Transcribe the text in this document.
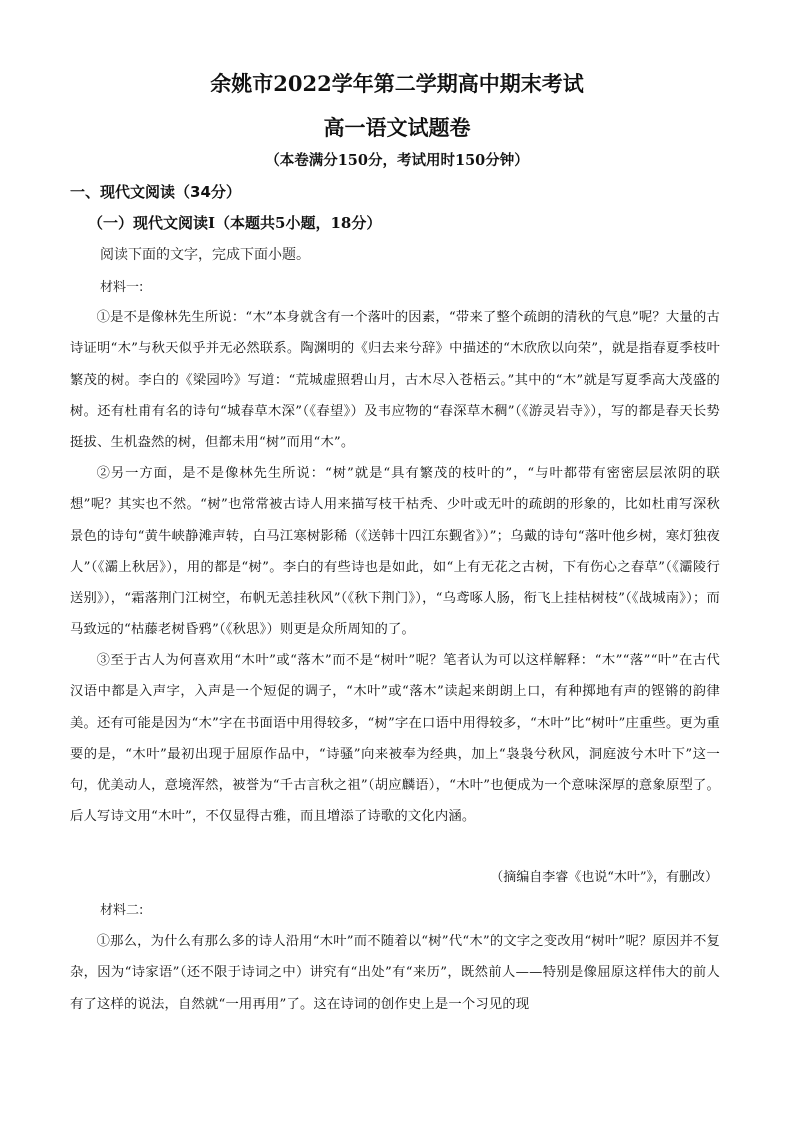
余姚市2022学年第二学期高中期末考试
高一语文试题卷
（本卷满分150分，考试用时150分钟）
一、现代文阅读（34分）
（一）现代文阅读Ⅰ（本题共5小题，18分）
阅读下面的文字，完成下面小题。
材料一:

①是不是像林先生所说：“木”本身就含有一个落叶的因素，“带来了整个疏朗的清秋的气息”呢？大量的古诗证明“木”与秋天似乎并无必然联系。陶渊明的《归去来兮辞》中描述的“木欣欣以向荣”，就是指春夏季枝叶繁茂的树。李白的《梁园吟》写道：“荒城虚照碧山月，古木尽入苍梧云。”其中的“木”就是写夏季高大茂盛的树。还有杜甫有名的诗句“城春草木深”（《春望》）及韦应物的“春深草木稠”（《游灵岩寺》），写的都是春天长势挺拔、生机盎然的树，但都未用“树”而用“木”。

②另一方面，是不是像林先生所说：“树”就是“具有繁茂的枝叶的”，“与叶都带有密密层层浓阴的联想”呢？其实也不然。“树”也常常被古诗人用来描写枝干枯秃、少叶或无叶的疏朗的形象的，比如杜甫写深秋景色的诗句“黄牛峡静滩声转，白马江寒树影稀（《送韩十四江东觐省》）”；乌戴的诗句“落叶他乡树，寒灯独夜人”（《灞上秋居》），用的都是“树”。李白的有些诗也是如此，如“上有无花之古树，下有伤心之春草”（《灞陵行送别》），“霜落荆门江树空，布帆无恙挂秋风”（《秋下荆门》），“乌鸢啄人肠，衔飞上挂枯树枝”（《战城南》）；而马致远的“枯藤老树昏鸦”（《秋思》）则更是众所周知的了。

③至于古人为何喜欢用“木叶”或“落木”而不是“树叶”呢？笔者认为可以这样解释：“木”“落”“叶”在古代汉语中都是入声字，入声是一个短促的调子，“木叶”或“落木”读起来朗朗上口，有种掷地有声的铿锵的韵律美。还有可能是因为“木”字在书面语中用得较多，“树”字在口语中用得较多，“木叶”比“树叶”庄重些。更为重要的是，“木叶”最初出现于屈原作品中，“诗骚”向来被奉为经典，加上“袅袅兮秋风，洞庭波兮木叶下”这一句，优美动人，意境浑然，被誉为“千古言秋之祖”（胡应麟语），“木叶”也便成为一个意味深厚的意象原型了。后人写诗文用“木叶”，不仅显得古雅，而且增添了诗歌的文化内涵。

（摘编自李睿《也说“木叶”》，有删改）
材料二:

①那么，为什么有那么多的诗人沿用“木叶”而不随着以“树”代“木”的文字之变改用“树叶”呢？原因并不复杂，因为“诗家语”（还不限于诗词之中）讲究有“出处”有“来历”，既然前人——特别是像屈原这样伟大的前人有了这样的说法，自然就“一用再用”了。这在诗词的创作史上是一个习见的现
